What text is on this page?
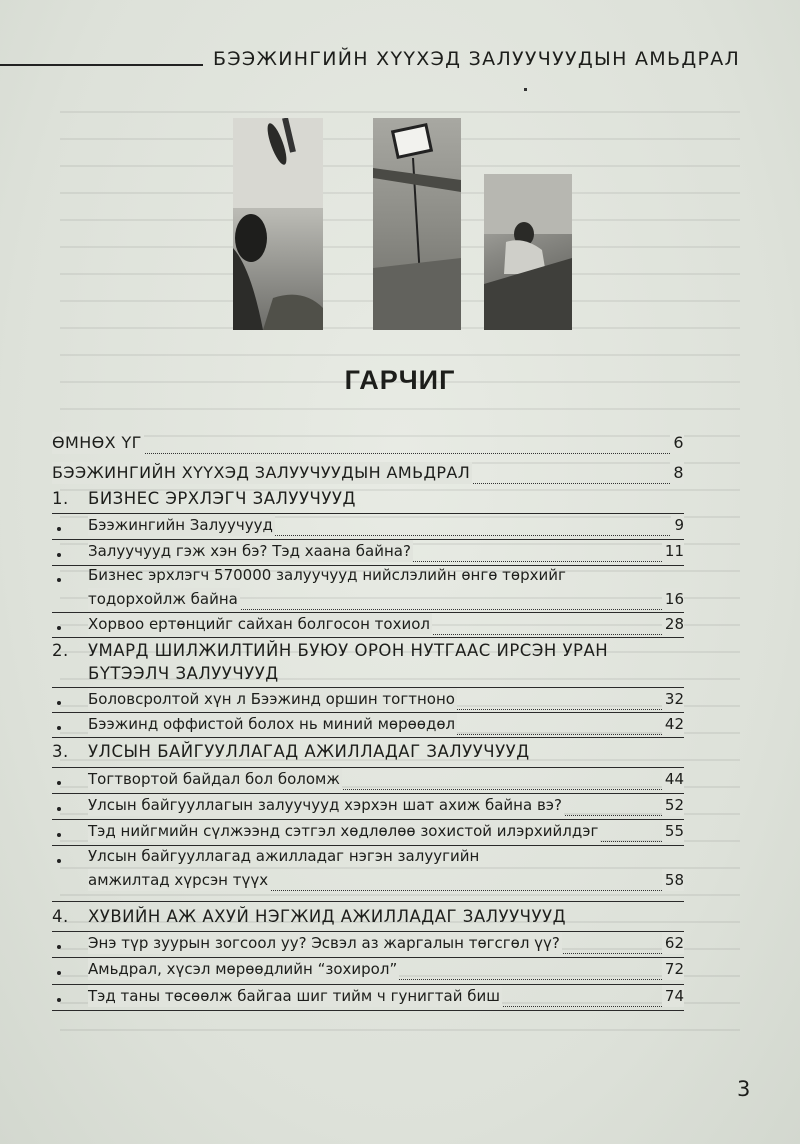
БЭЭЖИНГИЙН ХҮҮХЭД ЗАЛУУЧУУДЫН АМЬДРАЛ
ГАРЧИГ
ӨМНӨХ ҮГ	6
БЭЭЖИНГИЙН ХҮҮХЭД ЗАЛУУЧУУДЫН АМЬДРАЛ	8
1. БИЗНЕС ЭРХЛЭГЧ ЗАЛУУЧУУД
Бээжингийн Залуучууд	9
Залуучууд гэж хэн бэ? Тэд хаана байна?	11
Бизнес эрхлэгч 570000 залуучууд нийслэлийн өнгө төрхийг
тодорхойлж байна	16
Хорвоо ертөнцийг сайхан болгосон тохиол	28
2. УМАРД ШИЛЖИЛТИЙН БУЮУ ОРОН НУТГААС ИРСЭН УРАН
БҮТЭЭЛЧ ЗАЛУУЧУУД
Боловсролтой хүн л Бээжинд оршин тогтноно	32
Бээжинд оффистой болох нь миний мөрөөдөл	42
3. УЛСЫН БАЙГУУЛЛАГАД АЖИЛЛАДАГ ЗАЛУУЧУУД
Тогтвортой байдал бол боломж	44
Улсын байгууллагын залуучууд хэрхэн шат ахиж байна вэ?	52
Тэд нийгмийн сүлжээнд сэтгэл хөдлөлөө зохистой илэрхийлдэг	55
Улсын байгууллагад ажилладаг нэгэн залуугийн
амжилтад хүрсэн түүх	58
4. ХУВИЙН АЖ АХУЙ НЭГЖИД АЖИЛЛАДАГ ЗАЛУУЧУУД
Энэ түр зуурын зогсоол уу? Эсвэл аз жаргалын төгсгөл үү?	62
Амьдрал, хүсэл мөрөөдлийн “зохирол”	72
Тэд таны төсөөлж байгаа шиг тийм ч гунигтай биш	74
3
